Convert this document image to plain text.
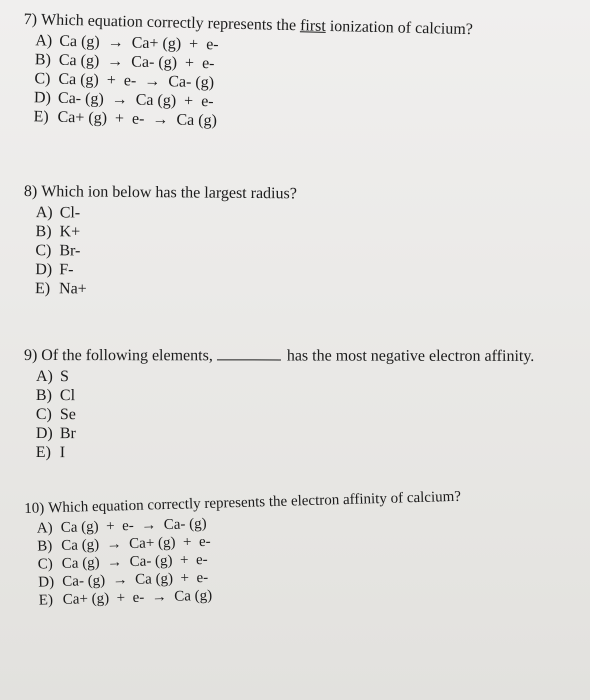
7) Which equation correctly represents the first ionization of calcium?
A) Ca (g)  →  Ca+ (g)  +  e-
B) Ca (g)  →  Ca- (g)  +  e-
C) Ca (g)  +  e-  →  Ca- (g)
D) Ca- (g)  →  Ca (g)  +  e-
E) Ca+ (g)  +  e-  →  Ca (g)
8) Which ion below has the largest radius?
A) Cl-
B) K+
C) Br-
D) F-
E) Na+
9) Of the following elements,	has the most negative electron affinity.
A) S
B) Cl
C) Se
D) Br
E) I
10) Which equation correctly represents the electron affinity of calcium?
A) Ca (g)  +  e-  →  Ca- (g)
B) Ca (g)  →  Ca+ (g)  +  e-
C) Ca (g)  →  Ca- (g)  +  e-
D) Ca- (g)  →  Ca (g)  +  e-
E) Ca+ (g)  +  e-  →  Ca (g)
